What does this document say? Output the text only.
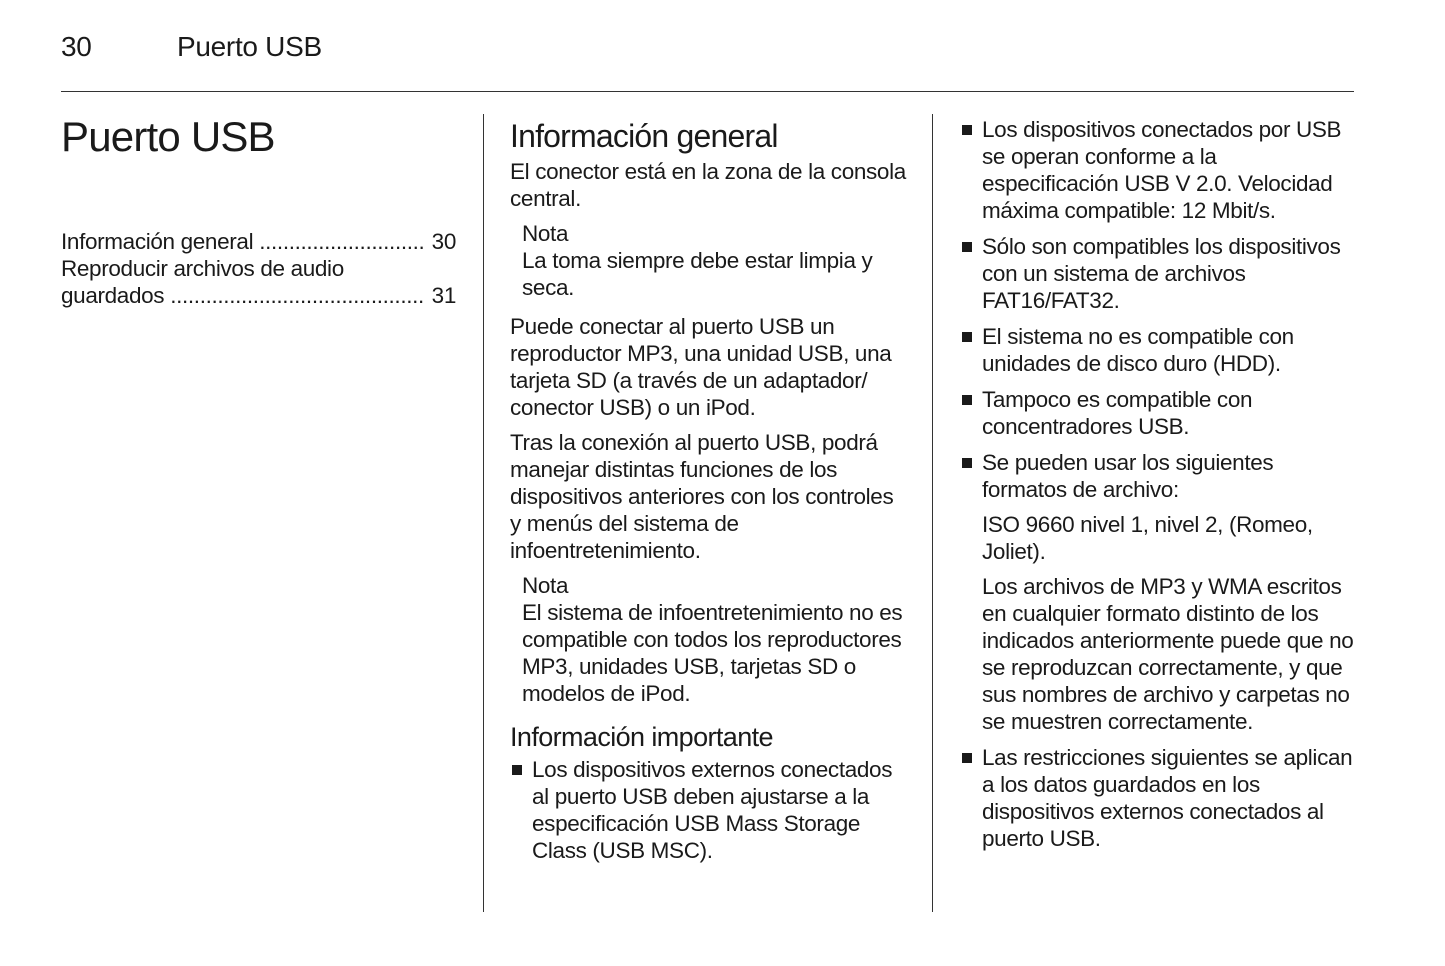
30	Puerto USB
Puerto USB
Información general .....	30
Reproducir archivos de audio
guardados .....	31
Información general

El conector está en la zona de la consola central.

Nota
La toma siempre debe estar limpia y seca.

Puede conectar al puerto USB un reproductor MP3, una unidad USB, una tarjeta SD (a través de un adaptador/ conector USB) o un iPod.

Tras la conexión al puerto USB, podrá manejar distintas funciones de los dispositivos anteriores con los controles y menús del sistema de infoentretenimiento.

Nota
El sistema de infoentretenimiento no es compatible con todos los reproductores MP3, unidades USB, tarjetas SD o modelos de iPod.
Información importante
Los dispositivos externos conectados al puerto USB deben ajustarse a la especificación USB Mass Storage Class (USB MSC).
Los dispositivos conectados por USB se operan conforme a la especificación USB V 2.0. Velocidad máxima compatible: 12 Mbit/s.
Sólo son compatibles los dispositivos con un sistema de archivos FAT16/FAT32.
El sistema no es compatible con unidades de disco duro (HDD).
Tampoco es compatible con concentradores USB.

Se pueden usar los siguientes formatos de archivo:

ISO 9660 nivel 1, nivel 2, (Romeo, Joliet).

Los archivos de MP3 y WMA escritos en cualquier formato distinto de los indicados anteriormente puede que no se reproduzcan correctamente, y que sus nombres de archivo y carpetas no se muestren correctamente.

Las restricciones siguientes se aplican a los datos guardados en los dispositivos externos conectados al puerto USB.
